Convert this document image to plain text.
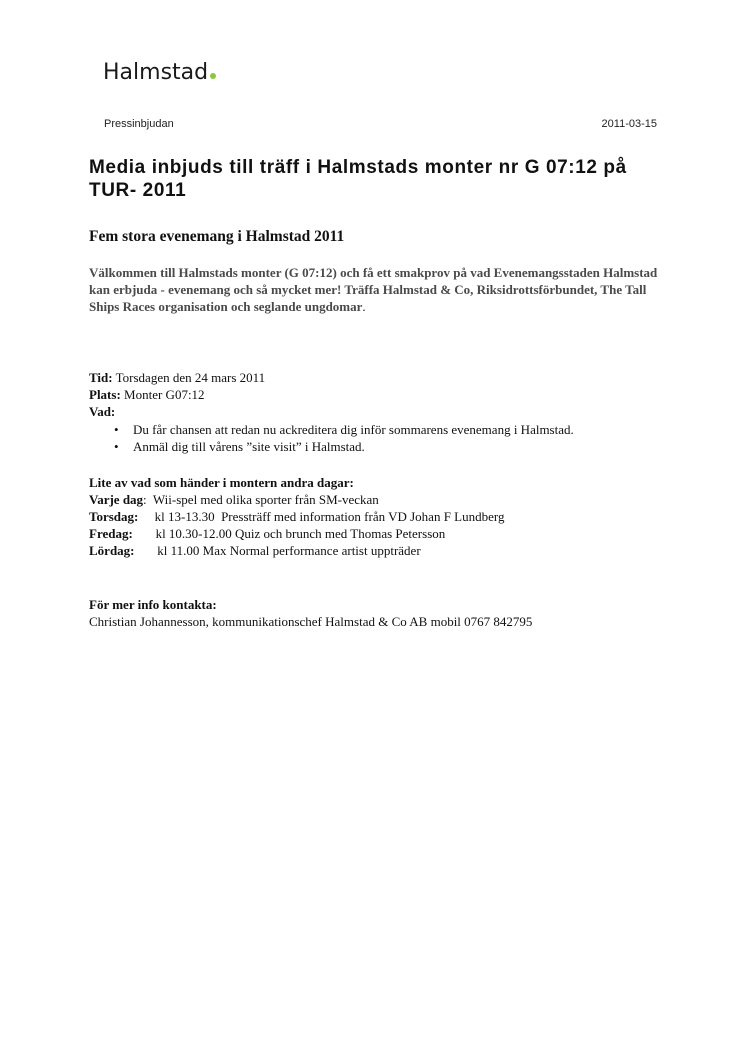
Halmstad
Pressinbjudan	2011-03-15
Media inbjuds till träff i Halmstads monter nr G 07:12 på TUR- 2011
Fem stora evenemang i Halmstad 2011

Välkommen till Halmstads monter (G 07:12) och få ett smakprov på vad Evenemangsstaden Halmstad kan erbjuda - evenemang och så mycket mer! Träffa Halmstad & Co, Riksidrottsförbundet, The Tall Ships Races organisation och seglande ungdomar.

Tid: Torsdagen den 24 mars 2011
Plats: Monter G07:12
Vad:
• Du får chansen att redan nu ackreditera dig inför sommarens evenemang i Halmstad.
• Anmäl dig till vårens ”site visit” i Halmstad.
Lite av vad som händer i montern andra dagar:
Varje dag:  Wii-spel med olika sporter från SM-veckan
Torsdag:     kl 13-13.30  Pressträff med information från VD Johan F Lundberg
Fredag:       kl 10.30-12.00 Quiz och brunch med Thomas Petersson
Lördag:       kl 11.00 Max Normal performance artist uppträder
För mer info kontakta:
Christian Johannesson, kommunikationschef Halmstad & Co AB mobil 0767 842795
